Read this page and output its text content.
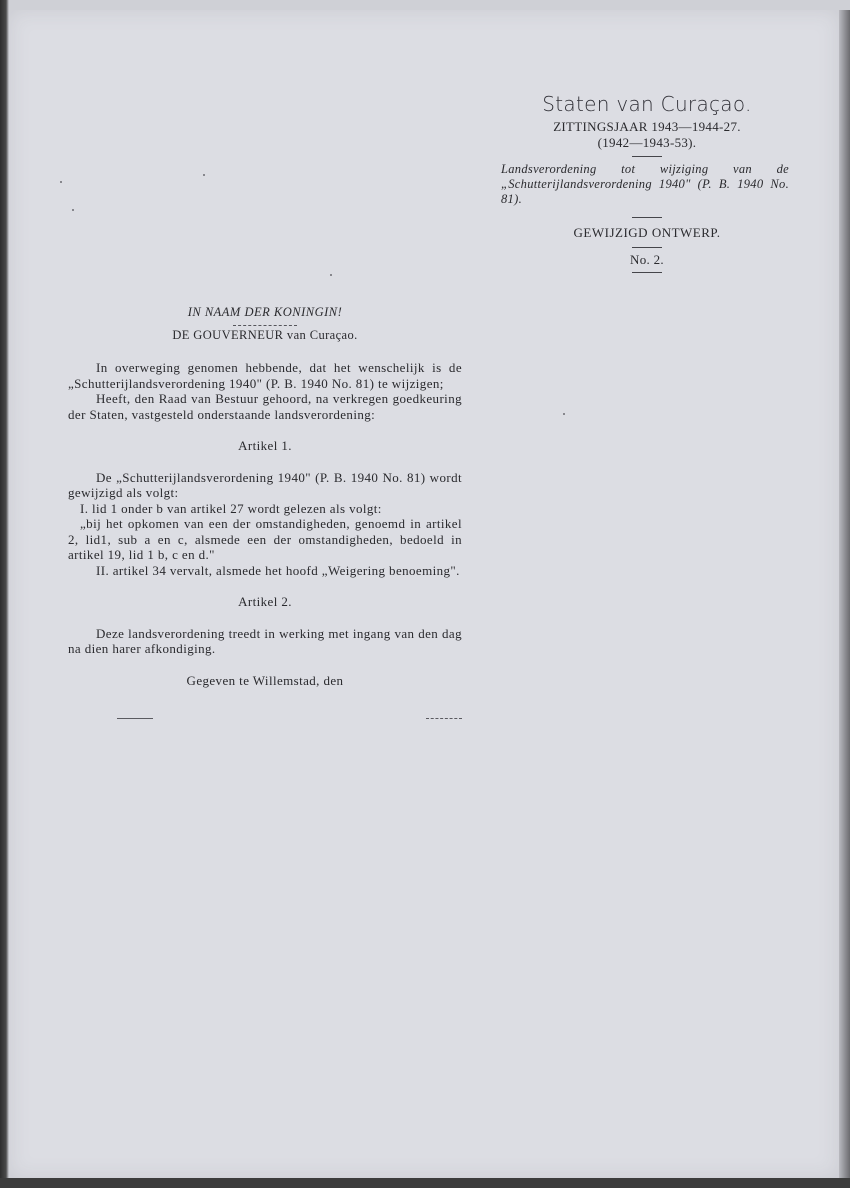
Staten van Curaçao.

ZITTINGSJAAR 1943—1944-27.

(1942—1943-53).

Landsverordening tot wijziging van de „Schutterijlandsverordening 1940" (P. B. 1940 No. 81).

GEWIJZIGD ONTWERP.

No. 2.

IN NAAM DER KONINGIN!

DE GOUVERNEUR van Curaçao.

In overweging genomen hebbende, dat het wenschelijk is de „Schutterijlandsverordening 1940" (P. B. 1940 No. 81) te wijzigen;

Heeft, den Raad van Bestuur gehoord, na verkregen goedkeuring der Staten, vastgesteld onderstaande landsverordening:

Artikel 1.

De „Schutterijlandsverordening 1940" (P. B. 1940 No. 81) wordt gewijzigd als volgt:

I. lid 1 onder b van artikel 27 wordt gelezen als volgt:

„bij het opkomen van een der omstandigheden, genoemd in artikel 2, lid1, sub a en c, alsmede een der omstandigheden, bedoeld in artikel 19, lid 1 b, c en d."

II. artikel 34 vervalt, alsmede het hoofd „Weigering benoeming".

Artikel 2.

Deze landsverordening treedt in werking met ingang van den dag na dien harer afkondiging.

Gegeven te Willemstad, den
